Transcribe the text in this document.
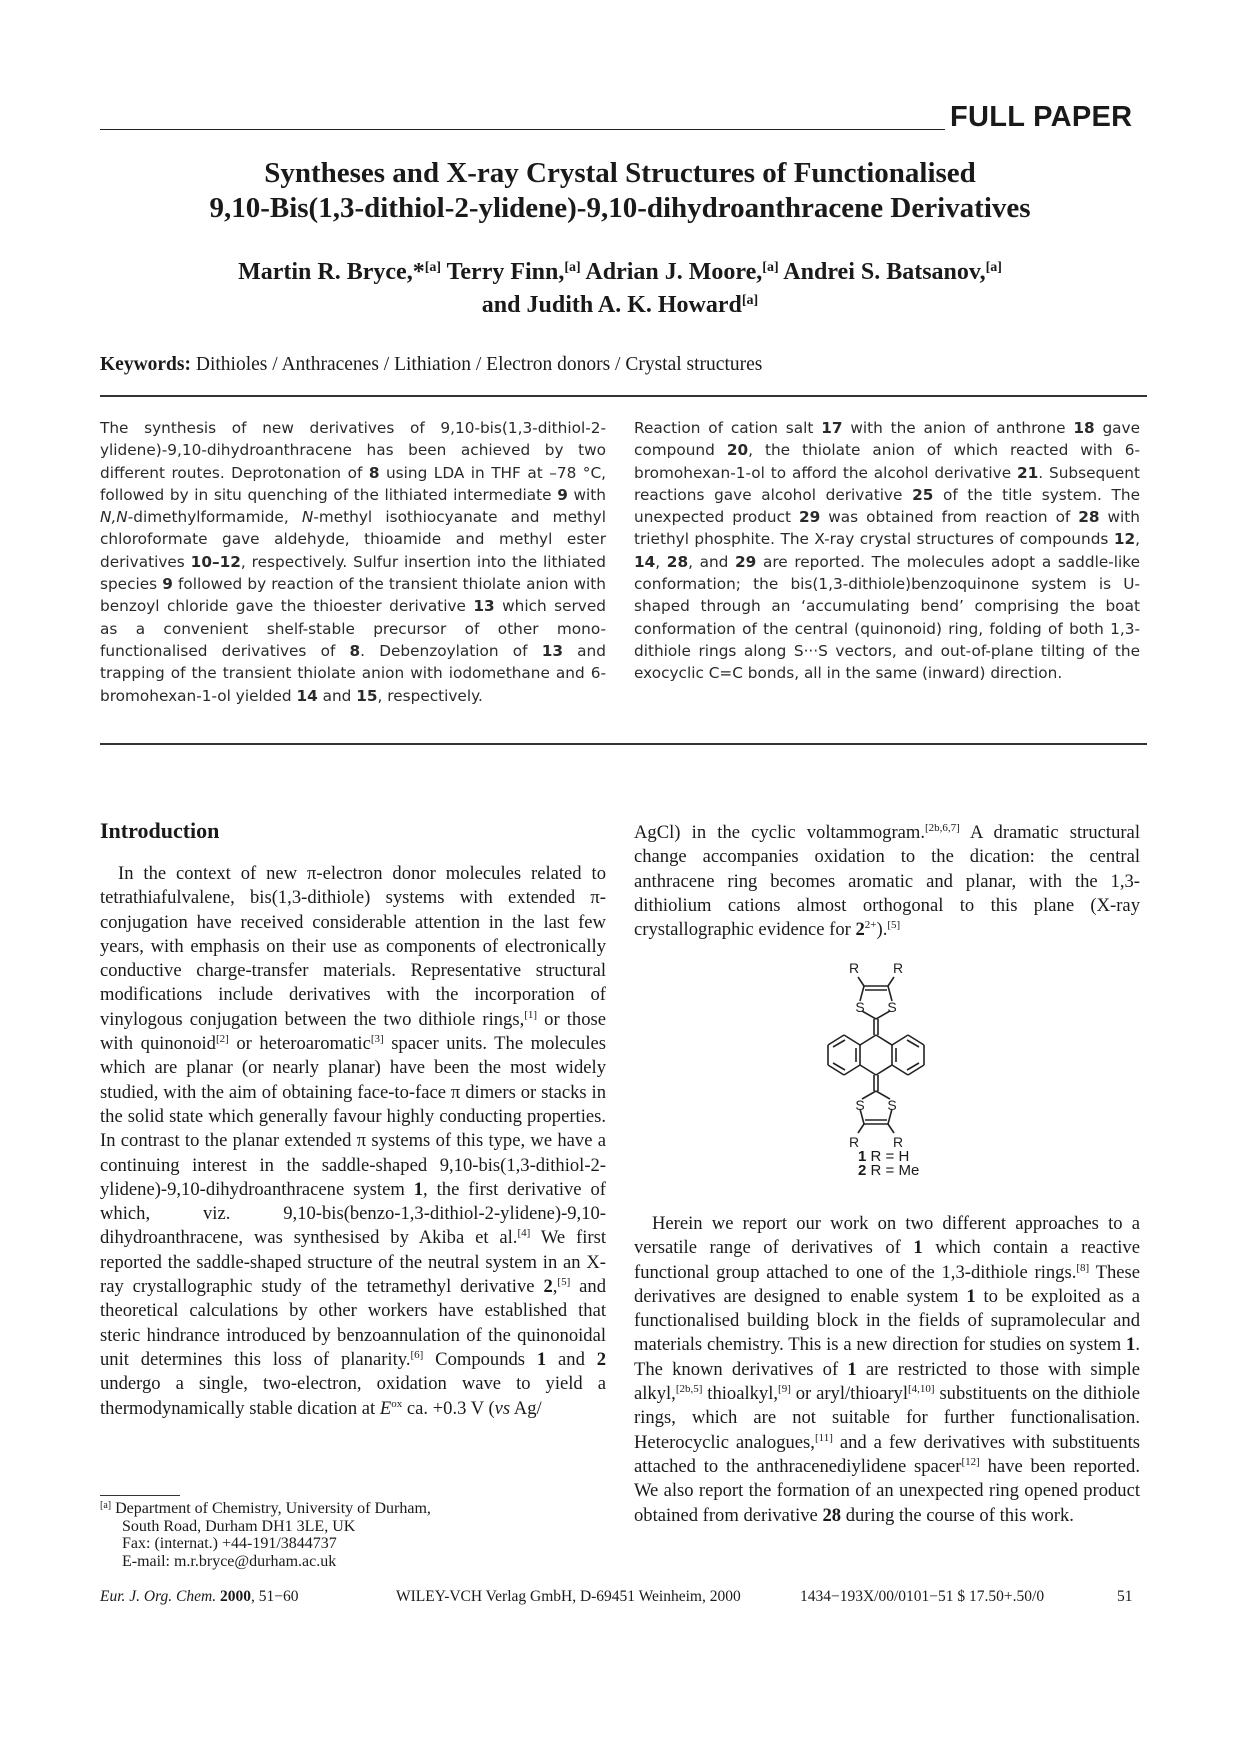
FULL PAPER
Syntheses and X-ray Crystal Structures of Functionalised
9,10-Bis(1,3-dithiol-2-ylidene)-9,10-dihydroanthracene Derivatives
Martin R. Bryce,*[a] Terry Finn,[a] Adrian J. Moore,[a] Andrei S. Batsanov,[a]
and Judith A. K. Howard[a]
Keywords: Dithioles / Anthracenes / Lithiation / Electron donors / Crystal structures
The synthesis of new derivatives of 9,10-bis(1,3-dithiol-2-ylidene)-9,10-dihydroanthracene has been achieved by two different routes. Deprotonation of 8 using LDA in THF at –78 °C, followed by in situ quenching of the lithiated intermediate 9 with N,N-dimethylformamide, N-methyl isothiocyanate and methyl chloroformate gave aldehyde, thioamide and methyl ester derivatives 10–12, respectively. Sulfur insertion into the lithiated species 9 followed by reaction of the transient thiolate anion with benzoyl chloride gave the thioester derivative 13 which served as a convenient shelf-stable precursor of other mono-functionalised derivatives of 8. Debenzoylation of 13 and trapping of the transient thiolate anion with iodomethane and 6-bromohexan-1-ol yielded 14 and 15, respectively.
Reaction of cation salt 17 with the anion of anthrone 18 gave compound 20, the thiolate anion of which reacted with 6-bromohexan-1-ol to afford the alcohol derivative 21. Subsequent reactions gave alcohol derivative 25 of the title system. The unexpected product 29 was obtained from reaction of 28 with triethyl phosphite. The X-ray crystal structures of compounds 12, 14, 28, and 29 are reported. The molecules adopt a saddle-like conformation; the bis(1,3-dithiole)benzoquinone system is U-shaped through an ‘accumulating bend’ comprising the boat conformation of the central (quinonoid) ring, folding of both 1,3-dithiole rings along S···S vectors, and out-of-plane tilting of the exocyclic C=C bonds, all in the same (inward) direction.
Introduction

In the context of new π-electron donor molecules related to tetrathiafulvalene, bis(1,3-dithiole) systems with extended π-conjugation have received considerable attention in the last few years, with emphasis on their use as components of electronically conductive charge-transfer materials. Representative structural modifications include derivatives with the incorporation of vinylogous conjugation between the two dithiole rings,[1] or those with quinonoid[2] or heteroaromatic[3] spacer units. The molecules which are planar (or nearly planar) have been the most widely studied, with the aim of obtaining face-to-face π dimers or stacks in the solid state which generally favour highly conducting properties. In contrast to the planar extended π systems of this type, we have a continuing interest in the saddle-shaped 9,10-bis(1,3-dithiol-2-ylidene)-9,10-dihydroanthracene system 1, the first derivative of which, viz. 9,10-bis(benzo-1,3-dithiol-2-ylidene)-9,10-dihydroanthracene, was synthesised by Akiba et al.[4] We first reported the saddle-shaped structure of the neutral system in an X-ray crystallographic study of the tetramethyl derivative 2,[5] and theoretical calculations by other workers have established that steric hindrance introduced by benzoannulation of the quinonoidal unit determines this loss of planarity.[6] Compounds 1 and 2 undergo a single, two-electron, oxidation wave to yield a thermodynamically stable dication at $E^{ox}$ ca. +0.3 V (vs Ag/

AgCl) in the cyclic voltammogram.[2b,6,7] A dramatic structural change accompanies oxidation to the dication: the central anthracene ring becomes aromatic and planar, with the 1,3-dithiolium cations almost orthogonal to this plane (X-ray crystallographic evidence for $2^{2+}).[5]$

R R
S S
S S
R R
1 R = H
2 R = Me

Herein we report our work on two different approaches to a versatile range of derivatives of 1 which contain a reactive functional group attached to one of the 1,3-dithiole rings.[8] These derivatives are designed to enable system 1 to be exploited as a functionalised building block in the fields of supramolecular and materials chemistry. This is a new direction for studies on system 1. The known derivatives of 1 are restricted to those with simple alkyl,[2b,5] thioalkyl,[9] or aryl/thioaryl[4,10] substituents on the dithiole rings, which are not suitable for further functionalisation. Heterocyclic analogues,[11] and a few derivatives with substituents attached to the anthracenediylidene spacer[12] have been reported. We also report the formation of an unexpected ring opened product obtained from derivative 28 during the course of this work.

[a] Department of Chemistry, University of Durham,
South Road, Durham DH1 3LE, UK
Fax: (internat.) +44-191/3844737
E-mail: m.r.bryce@durham.ac.uk
Eur. J. Org. Chem. 2000, 51−60	WILEY-VCH Verlag GmbH, D-69451 Weinheim, 2000	1434−193X/00/0101−51 $ 17.50+.50/0	51
